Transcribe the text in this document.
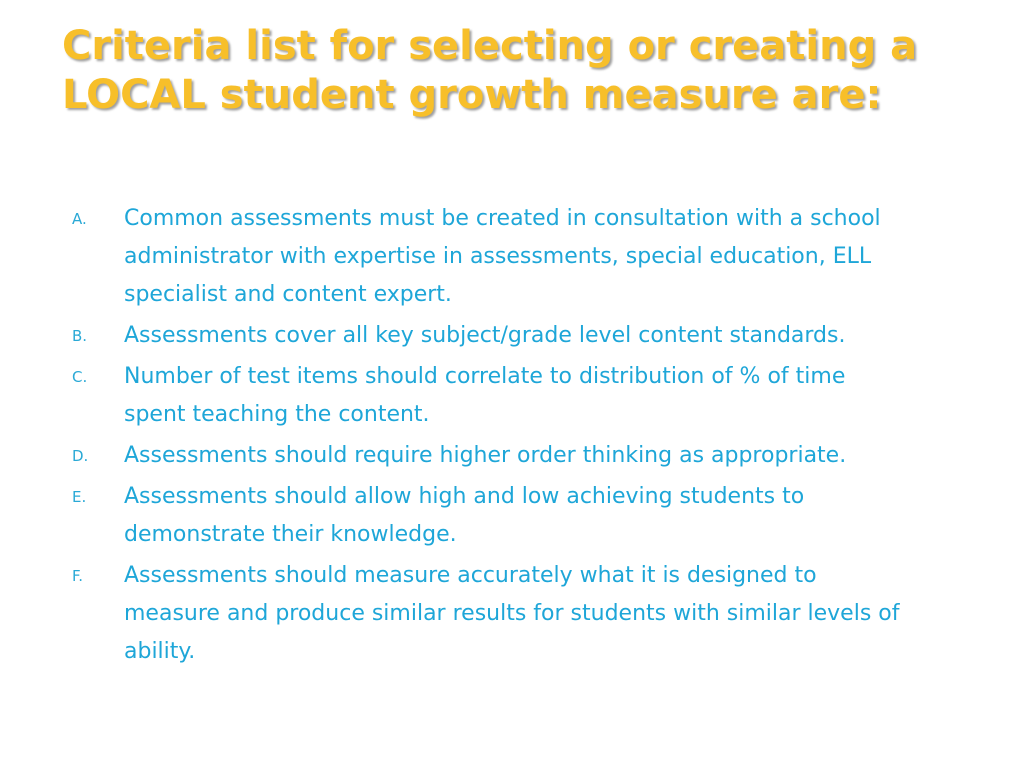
Criteria list for selecting or creating a LOCAL student growth measure are:
A.	Common assessments must be created in consultation with a school administrator with expertise in assessments, special education, ELL specialist and content expert.
B.	Assessments cover all key subject/grade level content standards.
C.	Number of test items should correlate to distribution of % of time spent teaching the content.
D.	Assessments should require higher order thinking as appropriate.
E.	Assessments should allow high and low achieving students to demonstrate their knowledge.
F.	Assessments should measure accurately what it is designed to measure and produce similar results for students with similar levels of ability.
